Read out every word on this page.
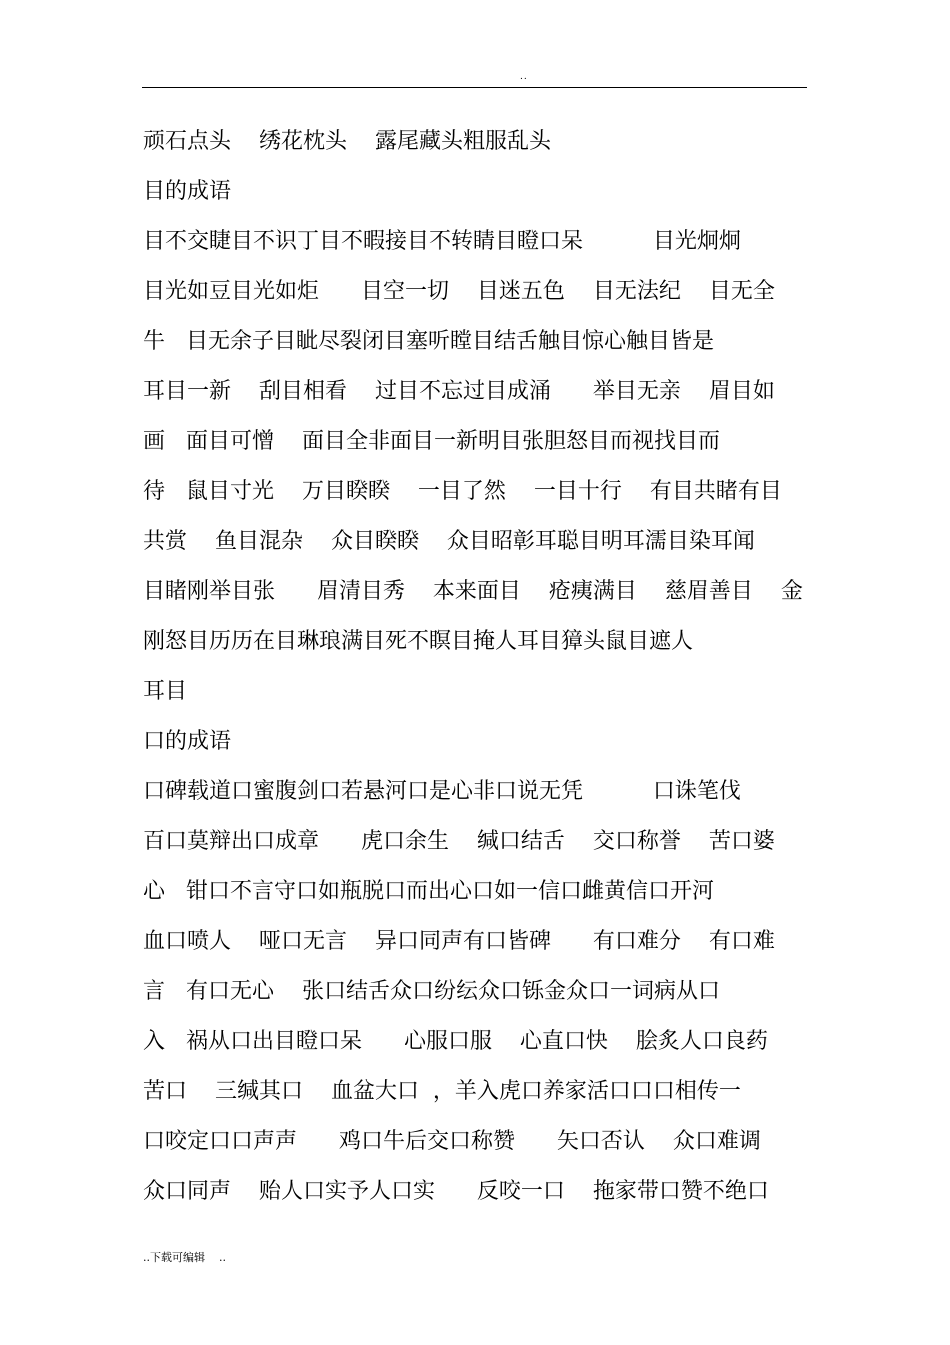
..
顽石点头    绣花枕头    露尾藏头粗服乱头
目的成语
目不交睫目不识丁目不暇接目不转睛目瞪口呆          目光炯炯
目光如豆目光如炬      目空一切    目迷五色    目无法纪    目无全
牛   目无余子目眦尽裂闭目塞听瞠目结舌触目惊心触目皆是
耳目一新    刮目相看    过目不忘过目成涌      举目无亲    眉目如
画   面目可憎    面目全非面目一新明目张胆怒目而视找目而
待   鼠目寸光    万目睽睽    一目了然    一目十行    有目共睹有目
共赏    鱼目混杂    众目睽睽    众目昭彰耳聪目明耳濡目染耳闻
目睹刚举目张      眉清目秀    本来面目    疮痍满目    慈眉善目    金
刚怒目历历在目琳琅满目死不瞑目掩人耳目獐头鼠目遮人
耳目
口的成语
口碑载道口蜜腹剑口若悬河口是心非口说无凭          口诛笔伐
百口莫辩出口成章      虎口余生    缄口结舌    交口称誉    苦口婆
心   钳口不言守口如瓶脱口而出心口如一信口雌黄信口开河
血口喷人    哑口无言    异口同声有口皆碑      有口难分    有口难
言   有口无心    张口结舌众口纷纭众口铄金众口一词病从口
入   祸从口出目瞪口呆      心服口服    心直口快    脍炙人口良药
苦口    三缄其口    血盆大口  ，羊入虎口养家活口口口相传一
口咬定口口声声      鸡口牛后交口称赞      矢口否认    众口难调
众口同声    贻人口实予人口实      反咬一口    拖家带口赞不绝口
..下载可编辑    ..
